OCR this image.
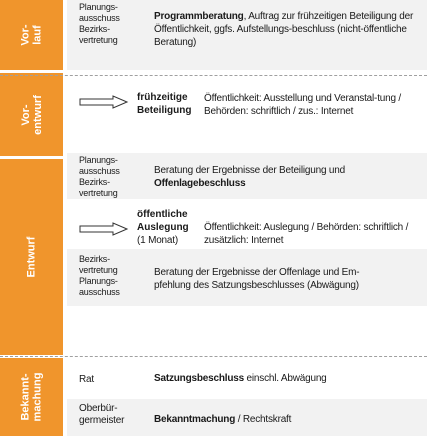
Vor-
lauf
Vor-
entwurf
Entwurf
Bekannt-
machung
Planungs-
ausschuss
Bezirks-
vertretung
Programmberatung, Auftrag zur frühzeitigen Beteiligung der Öffentlichkeit, ggfs. Aufstellungs-beschluss (nicht-öffentliche Beratung)
frühzeitige
Beteiligung
Öffentlichkeit: Ausstellung und Veranstal-tung / Behörden: schriftlich / zus.: Internet
Planungs-
ausschuss
Bezirks-
vertretung
Beratung der Ergebnisse der Beteiligung und
Offenlagebeschluss
öffentliche
Auslegung
(1 Monat)
Öffentlichkeit: Auslegung / Behörden: schriftlich / zusätzlich: Internet
Bezirks-
vertretung
Planungs-
ausschuss
Beratung der Ergebnisse der Offenlage und Em-pfehlung des Satzungsbeschlusses (Abwägung)
Rat	Satzungsbeschluss einschl. Abwägung
Oberbür-
germeister	Bekanntmachung / Rechtskraft
